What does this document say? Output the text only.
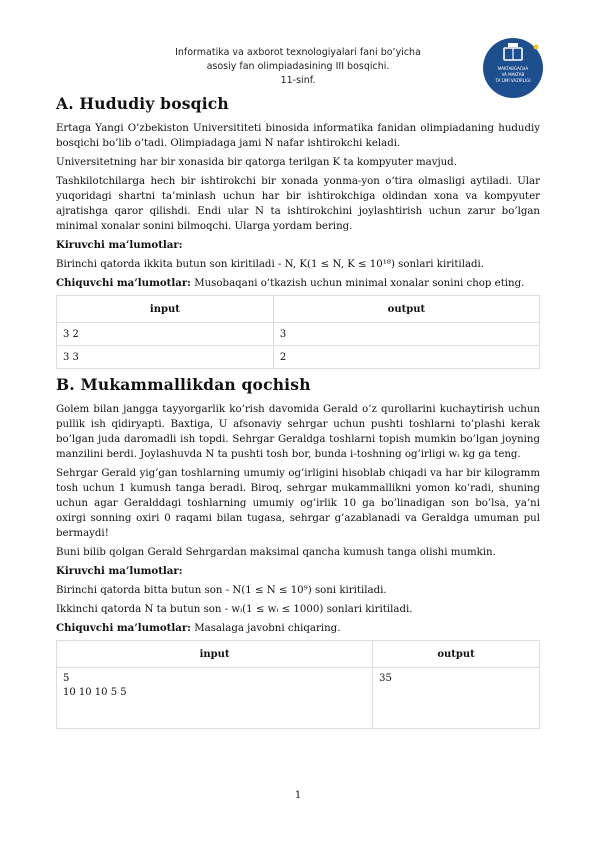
Informatika va axborot texnologiyalari fani bo’yicha
asosiy fan olimpiadasining III bosqichi.
11-sinf.
MAKTABGACHA
VA MAKTAB
TA’LIMI VAZIRLIGI
A. Hududiy bosqich

Ertaga Yangi O’zbekiston Universititeti binosida informatika fanidan olimpiadaning hududiy bosqichi bo’lib o’tadi. Olimpiadaga jami N nafar ishtirokchi keladi.

Universitetning har bir xonasida bir qatorga terilgan K ta kompyuter mavjud.

Tashkilotchilarga hech bir ishtirokchi bir xonada yonma-yon o‘tira olmasligi aytiladi. Ular yuqoridagi shartni ta’minlash uchun har bir ishtirokchiga oldindan xona va kompyuter ajratishga qaror qilishdi. Endi ular N ta ishtirokchini joylashtirish uchun zarur bo’lgan minimal xonalar sonini bilmoqchi. Ularga yordam bering.

Kiruvchi ma’lumotlar:

Birinchi qatorda ikkita butun son kiritiladi - N, K(1 ≤ N, K ≤ 10¹⁸) sonlari kiritiladi.

Chiquvchi ma’lumotlar: Musobaqani o’tkazish uchun minimal xonalar sonini chop eting.

input	output
3 2	3
3 3	2
B. Mukammallikdan qochish

Golem bilan jangga tayyorgarlik ko’rish davomida Gerald o’z qurollarini kuchaytirish uchun pullik ish qidiryapti. Baxtiga, U afsonaviy sehrgar uchun pushti toshlarni to’plashi kerak bo’lgan juda daromadli ish topdi. Sehrgar Geraldga toshlarni topish mumkin bo’lgan joyning manzilini berdi. Joylashuvda N ta pushti tosh bor, bunda i-toshning og’irligi wᵢ kg ga teng.

Sehrgar Gerald yig’gan toshlarning umumiy og’irligini hisoblab chiqadi va har bir kilogramm tosh uchun 1 kumush tanga beradi. Biroq, sehrgar mukammallikni yomon ko’radi, shuning uchun agar Geralddagi toshlarning umumiy og’irlik 10 ga bo’linadigan son bo’lsa, ya’ni oxirgi sonning oxiri 0 raqami bilan tugasa, sehrgar g’azablanadi va Geraldga umuman pul bermaydi!

Buni bilib qolgan Gerald Sehrgardan maksimal qancha kumush tanga olishi mumkin.

Kiruvchi ma’lumotlar:

Birinchi qatorda bitta butun son - N(1 ≤ N ≤ 10⁹) soni kiritiladi.

Ikkinchi qatorda N ta butun son - wᵢ(1 ≤ wᵢ ≤ 1000) sonlari kiritiladi.

Chiquvchi ma’lumotlar: Masalaga javobni chiqaring.

input	output

5
10 10 10 5 5	35
1
